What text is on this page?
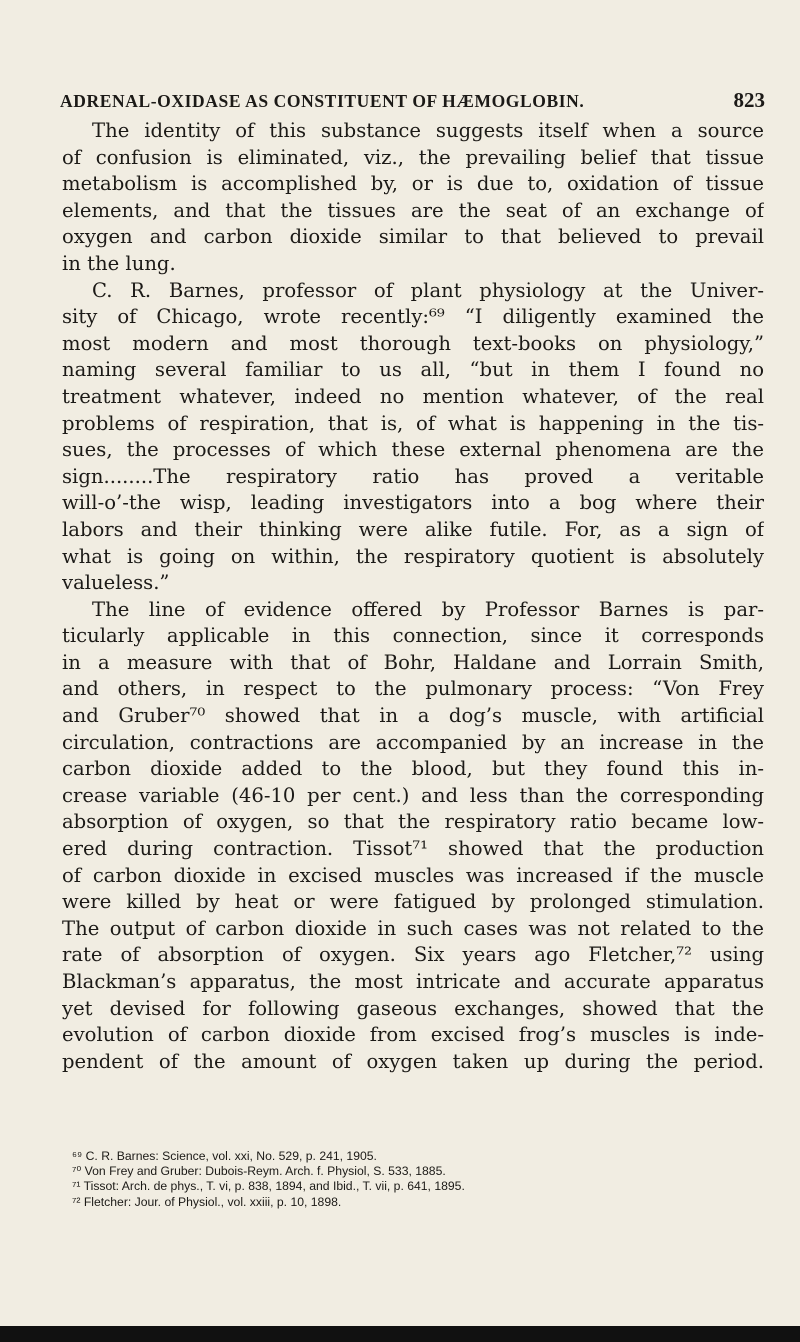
ADRENAL-OXIDASE AS CONSTITUENT OF HÆMOGLOBIN.	823
The identity of this substance suggests itself when a source
of confusion is eliminated, viz., the prevailing belief that tissue
metabolism is accomplished by, or is due to, oxidation of tissue
elements, and that the tissues are the seat of an exchange of
oxygen and carbon dioxide similar to that believed to prevail
in the lung.
C. R. Barnes, professor of plant physiology at the Univer-
sity of Chicago, wrote recently:⁶⁹ “I diligently examined the
most modern and most thorough text-books on physiology,”
naming several familiar to us all, “but in them I found no
treatment whatever, indeed no mention whatever, of the real
problems of respiration, that is, of what is happening in the tis-
sues, the processes of which these external phenomena are the
sign........The respiratory ratio has proved a veritable
will-o’-the wisp, leading investigators into a bog where their
labors and their thinking were alike futile. For, as a sign of
what is going on within, the respiratory quotient is absolutely
valueless.”
The line of evidence offered by Professor Barnes is par-
ticularly applicable in this connection, since it corresponds
in a measure with that of Bohr, Haldane and Lorrain Smith,
and others, in respect to the pulmonary process: “Von Frey
and Gruber⁷⁰ showed that in a dog’s muscle, with artificial
circulation, contractions are accompanied by an increase in the
carbon dioxide added to the blood, but they found this in-
crease variable (46-10 per cent.) and less than the corresponding
absorption of oxygen, so that the respiratory ratio became low-
ered during contraction. Tissot⁷¹ showed that the production
of carbon dioxide in excised muscles was increased if the muscle
were killed by heat or were fatigued by prolonged stimulation.
The output of carbon dioxide in such cases was not related to the
rate of absorption of oxygen. Six years ago Fletcher,⁷² using
Blackman’s apparatus, the most intricate and accurate apparatus
yet devised for following gaseous exchanges, showed that the
evolution of carbon dioxide from excised frog’s muscles is inde-
pendent of the amount of oxygen taken up during the period.
⁶⁹ C. R. Barnes: Science, vol. xxi, No. 529, p. 241, 1905.
⁷⁰ Von Frey and Gruber: Dubois-Reym. Arch. f. Physiol, S. 533, 1885.
⁷¹ Tissot: Arch. de phys., T. vi, p. 838, 1894, and Ibid., T. vii, p. 641, 1895.
⁷² Fletcher: Jour. of Physiol., vol. xxiii, p. 10, 1898.
